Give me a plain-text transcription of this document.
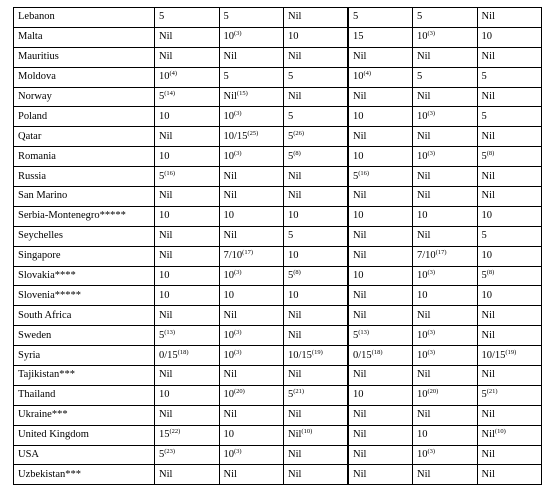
Lebanon	5	5	Nil	5	5	Nil
Malta	Nil	10$^{(3)}$	10	15	10$^{(3)}$	10
Mauritius	Nil	Nil	Nil	Nil	Nil	Nil
Moldova	10$^{(4)}$	5	5	10$^{(4)}$	5	5
Norway	5$^{(14)}$	Nil$^{(15)}$	Nil	Nil	Nil	Nil
Poland	10	10$^{(3)}$	5	10	10$^{(3)}$	5
Qatar	Nil	10/15$^{(25)}$	5$^{(26)}$	Nil	Nil	Nil
Romania	10	10$^{(3)}$	5$^{(8)}$	10	10$^{(3)}$	5$^{(8)}$
Russia	5$^{(16)}$	Nil	Nil	5$^{(16)}$	Nil	Nil
San Marino	Nil	Nil	Nil	Nil	Nil	Nil
Serbia-Montenegro*****	10	10	10	10	10	10
Seychelles	Nil	Nil	5	Nil	Nil	5
Singapore	Nil	7/10$^{(17)}$	10	Nil	7/10$^{(17)}$	10
Slovakia****	10	10$^{(3)}$	5$^{(8)}$	10	10$^{(3)}$	5$^{(8)}$
Slovenia*****	10	10	10	Nil	10	10
South Africa	Nil	Nil	Nil	Nil	Nil	Nil
Sweden	5$^{(13)}$	10$^{(3)}$	Nil	5$^{(13)}$	10$^{(3)}$	Nil
Syria	0/15$^{(18)}$	10$^{(3)}$	10/15$^{(19)}$	0/15$^{(18)}$	10$^{(3)}$	10/15$^{(19)}$
Tajikistan***	Nil	Nil	Nil	Nil	Nil	Nil
Thailand	10	10$^{(20)}$	5$^{(21)}$	10	10$^{(20)}$	5$^{(21)}$
Ukraine***	Nil	Nil	Nil	Nil	Nil	Nil
United Kingdom	15$^{(22)}$	10	Nil$^{(10)}$	Nil	10	Nil$^{(10)}$
USA	5$^{(23)}$	10$^{(3)}$	Nil	Nil	10$^{(3)}$	Nil
Uzbekistan***	Nil	Nil	Nil	Nil	Nil	Nil
